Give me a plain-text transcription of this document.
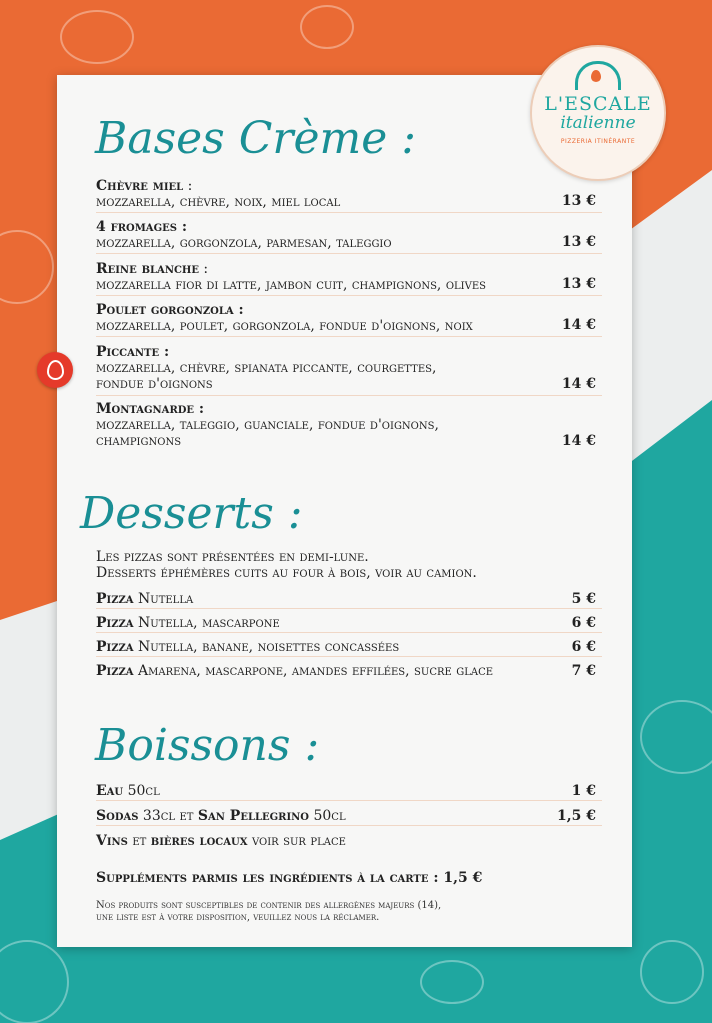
L'ESCALE
italienne
PIZZERIA ITINÉRANTE
Bases Crème :
Chèvre miel :
mozzarella, chèvre, noix, miel local	13 €
4 fromages :
mozzarella, gorgonzola, parmesan, taleggio	13 €
Reine blanche :
mozzarella fior di latte, jambon cuit, champignons, olives	13 €
Poulet gorgonzola :
mozzarella, poulet, gorgonzola, fondue d'oignons, noix	14 €
Piccante :
mozzarella, chèvre, spianata piccante, courgettes,
fondue d'oignons	14 €
Montagnarde :
mozzarella, taleggio, guanciale, fondue d'oignons,
champignons	14 €
Desserts :
Les pizzas sont présentées en demi-lune.
Desserts éphémères cuits au four à bois, voir au camion.
Pizza Nutella	5 €
Pizza Nutella, mascarpone	6 €
Pizza Nutella, banane, noisettes concassées	6 €
Pizza Amarena, mascarpone, amandes effilées, sucre glace	7 €
Boissons :
Eau 50cl	1 €
Sodas 33cl et San Pellegrino 50cl	1,5 €
Vins et bières locaux voir sur place
Suppléments parmis les ingrédients à la carte : 1,5 €
Nos produits sont susceptibles de contenir des allergènes majeurs (14),
une liste est à votre disposition, veuillez nous la réclamer.
